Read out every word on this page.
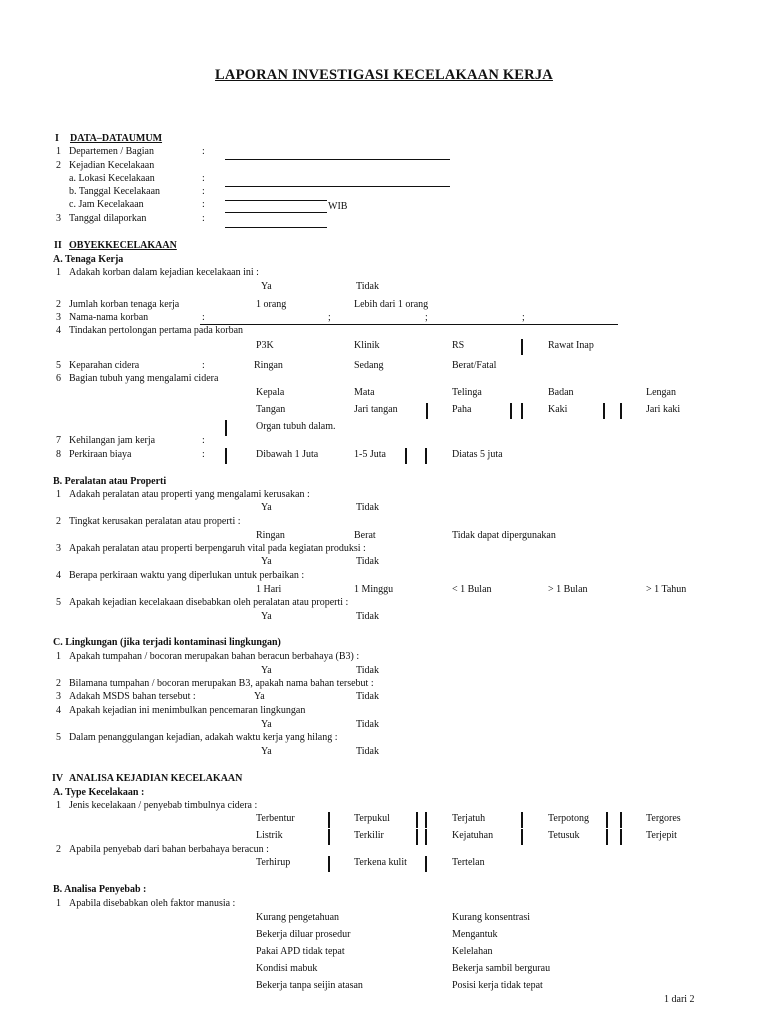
LAPORAN INVESTIGASI KECELAKAAN KERJA
I DATA–DATAUMUM
1 Departemen / Bagian	:
2 Kejadian Kecelakaan
a. Lokasi Kecelakaan	:
b. Tanggal Kecelakaan	:
c. Jam Kecelakaan	:	WIB
3 Tanggal dilaporkan	:
II OBYEKKECELAKAAN
A. Tenaga Kerja
1 Adakah korban dalam kejadian kecelakaan ini :
Ya	Tidak
2 Jumlah korban tenaga kerja	1 orang	Lebih dari 1 orang
3 Nama-nama korban	:	;	;	;
4 Tindakan pertolongan pertama pada korban
P3K	Klinik	RS	Rawat Inap
5 Keparahan cidera	:	Ringan	Sedang	Berat/Fatal
6 Bagian tubuh yang mengalami cidera
Kepala	Mata	Telinga	Badan	Lengan
Tangan	Jari tangan	Paha	Kaki	Jari kaki
Organ tubuh dalam.
7 Kehilangan jam kerja	:
8 Perkiraan biaya	:	Dibawah 1 Juta	1-5 Juta	Diatas 5 juta
B. Peralatan atau Properti
1 Adakah peralatan atau properti yang mengalami kerusakan :
Ya	Tidak
2 Tingkat kerusakan peralatan atau properti :
Ringan	Berat	Tidak dapat dipergunakan
3 Apakah peralatan atau properti berpengaruh vital pada kegiatan produksi :
Ya	Tidak
4 Berapa perkiraan waktu yang diperlukan untuk perbaikan :
1 Hari	1 Minggu	< 1 Bulan	> 1 Bulan	> 1 Tahun
5 Apakah kejadian kecelakaan disebabkan oleh peralatan atau properti :
Ya	Tidak
C. Lingkungan (jika terjadi kontaminasi lingkungan)
1 Apakah tumpahan / bocoran merupakan bahan beracun berbahaya (B3) :
Ya	Tidak
2 Bilamana tumpahan / bocoran merupakan B3, apakah nama bahan tersebut :
3 Adakah MSDS bahan tersebut :	Ya	Tidak
4 Apakah kejadian ini menimbulkan pencemaran lingkungan
Ya	Tidak
5 Dalam penanggulangan kejadian, adakah waktu kerja yang hilang :
Ya	Tidak
IV ANALISA KEJADIAN KECELAKAAN
A. Type Kecelakaan :
1 Jenis kecelakaan / penyebab timbulnya cidera :
Terbentur	Terpukul	Terjatuh	Terpotong	Tergores
Listrik	Terkilir	Kejatuhan	Tetusuk	Terjepit
2 Apabila penyebab dari bahan berbahaya beracun :
Terhirup	Terkena kulit	Tertelan
B. Analisa Penyebab :
1 Apabila disebabkan oleh faktor manusia :
Kurang pengetahuan	Kurang konsentrasi
Bekerja diluar prosedur	Mengantuk
Pakai APD tidak tepat	Kelelahan
Kondisi mabuk	Bekerja sambil bergurau
Bekerja tanpa seijin atasan	Posisi kerja tidak tepat
1 dari 2
